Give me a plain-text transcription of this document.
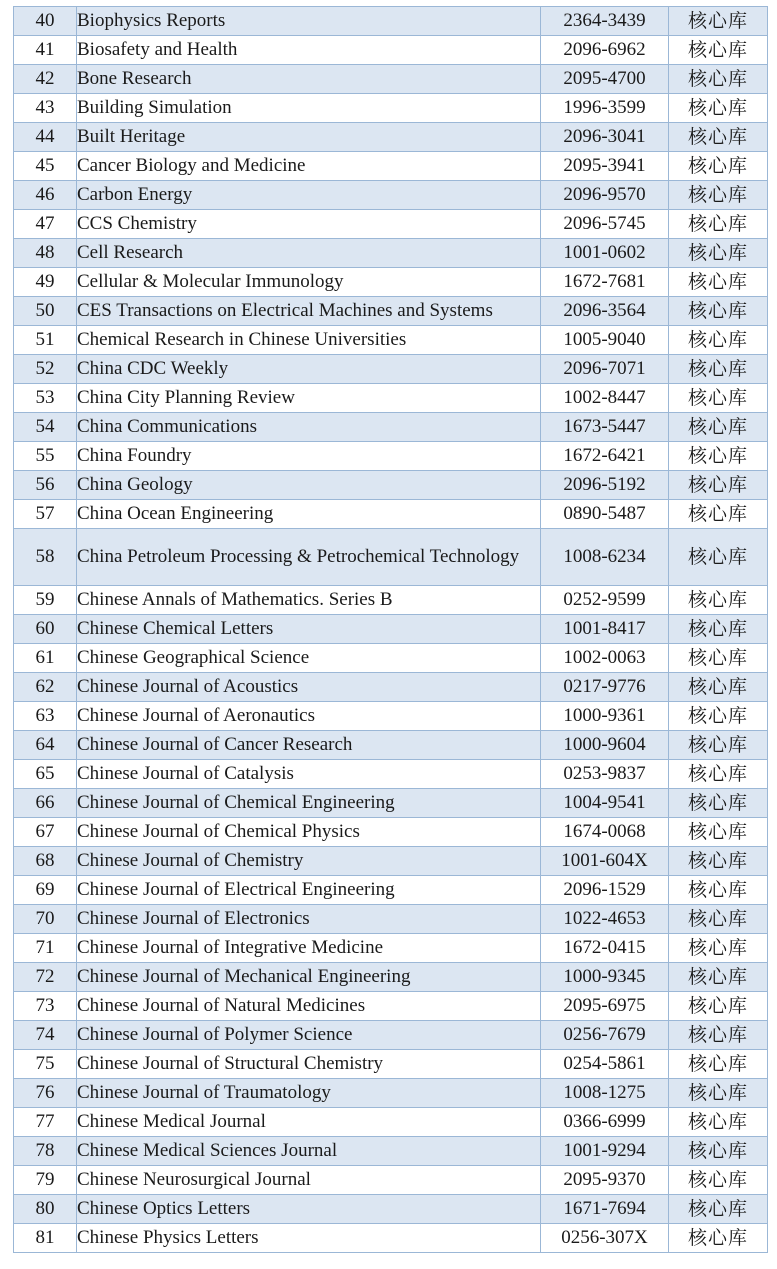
40	Biophysics Reports	2364-3439	核心库
41	Biosafety and Health	2096-6962	核心库
42	Bone Research	2095-4700	核心库
43	Building Simulation	1996-3599	核心库
44	Built Heritage	2096-3041	核心库
45	Cancer Biology and Medicine	2095-3941	核心库
46	Carbon Energy	2096-9570	核心库
47	CCS Chemistry	2096-5745	核心库
48	Cell Research	1001-0602	核心库
49	Cellular & Molecular Immunology	1672-7681	核心库
50	CES Transactions on Electrical Machines and Systems	2096-3564	核心库
51	Chemical Research in Chinese Universities	1005-9040	核心库
52	China CDC Weekly	2096-7071	核心库
53	China City Planning Review	1002-8447	核心库
54	China Communications	1673-5447	核心库
55	China Foundry	1672-6421	核心库
56	China Geology	2096-5192	核心库
57	China Ocean Engineering	0890-5487	核心库
58	China Petroleum Processing & Petrochemical Technology	1008-6234	核心库
59	Chinese Annals of Mathematics. Series B	0252-9599	核心库
60	Chinese Chemical Letters	1001-8417	核心库
61	Chinese Geographical Science	1002-0063	核心库
62	Chinese Journal of Acoustics	0217-9776	核心库
63	Chinese Journal of Aeronautics	1000-9361	核心库
64	Chinese Journal of Cancer Research	1000-9604	核心库
65	Chinese Journal of Catalysis	0253-9837	核心库
66	Chinese Journal of Chemical Engineering	1004-9541	核心库
67	Chinese Journal of Chemical Physics	1674-0068	核心库
68	Chinese Journal of Chemistry	1001-604X	核心库
69	Chinese Journal of Electrical Engineering	2096-1529	核心库
70	Chinese Journal of Electronics	1022-4653	核心库
71	Chinese Journal of Integrative Medicine	1672-0415	核心库
72	Chinese Journal of Mechanical Engineering	1000-9345	核心库
73	Chinese Journal of Natural Medicines	2095-6975	核心库
74	Chinese Journal of Polymer Science	0256-7679	核心库
75	Chinese Journal of Structural Chemistry	0254-5861	核心库
76	Chinese Journal of Traumatology	1008-1275	核心库
77	Chinese Medical Journal	0366-6999	核心库
78	Chinese Medical Sciences Journal	1001-9294	核心库
79	Chinese Neurosurgical Journal	2095-9370	核心库
80	Chinese Optics Letters	1671-7694	核心库
81	Chinese Physics Letters	0256-307X	核心库
